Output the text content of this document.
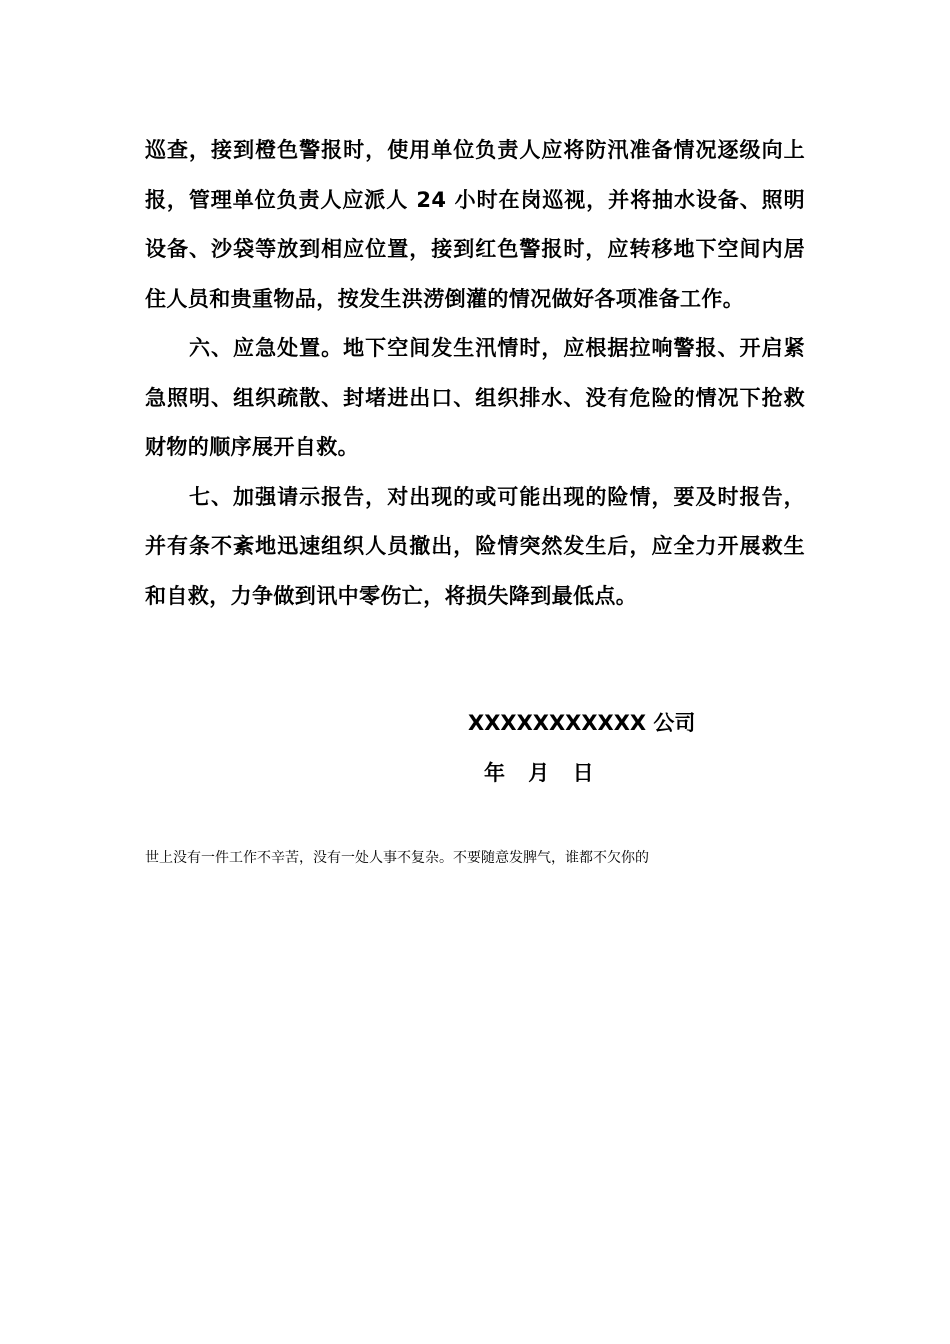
巡查，接到橙色警报时，使用单位负责人应将防汛准备情况逐级向上报，管理单位负责人应派人 24 小时在岗巡视，并将抽水设备、照明设备、沙袋等放到相应位置，接到红色警报时，应转移地下空间内居住人员和贵重物品，按发生洪涝倒灌的情况做好各项准备工作。

六、应急处置。地下空间发生汛情时，应根据拉响警报、开启紧急照明、组织疏散、封堵进出口、组织排水、没有危险的情况下抢救财物的顺序展开自救。

七、加强请示报告，对出现的或可能出现的险情，要及时报告，并有条不紊地迅速组织人员撤出，险情突然发生后，应全力开展救生和自救，力争做到讯中零伤亡，将损失降到最低点。

XXXXXXXXXXX 公司

年 月 日

世上没有一件工作不辛苦，没有一处人事不复杂。不要随意发脾气，谁都不欠你的
